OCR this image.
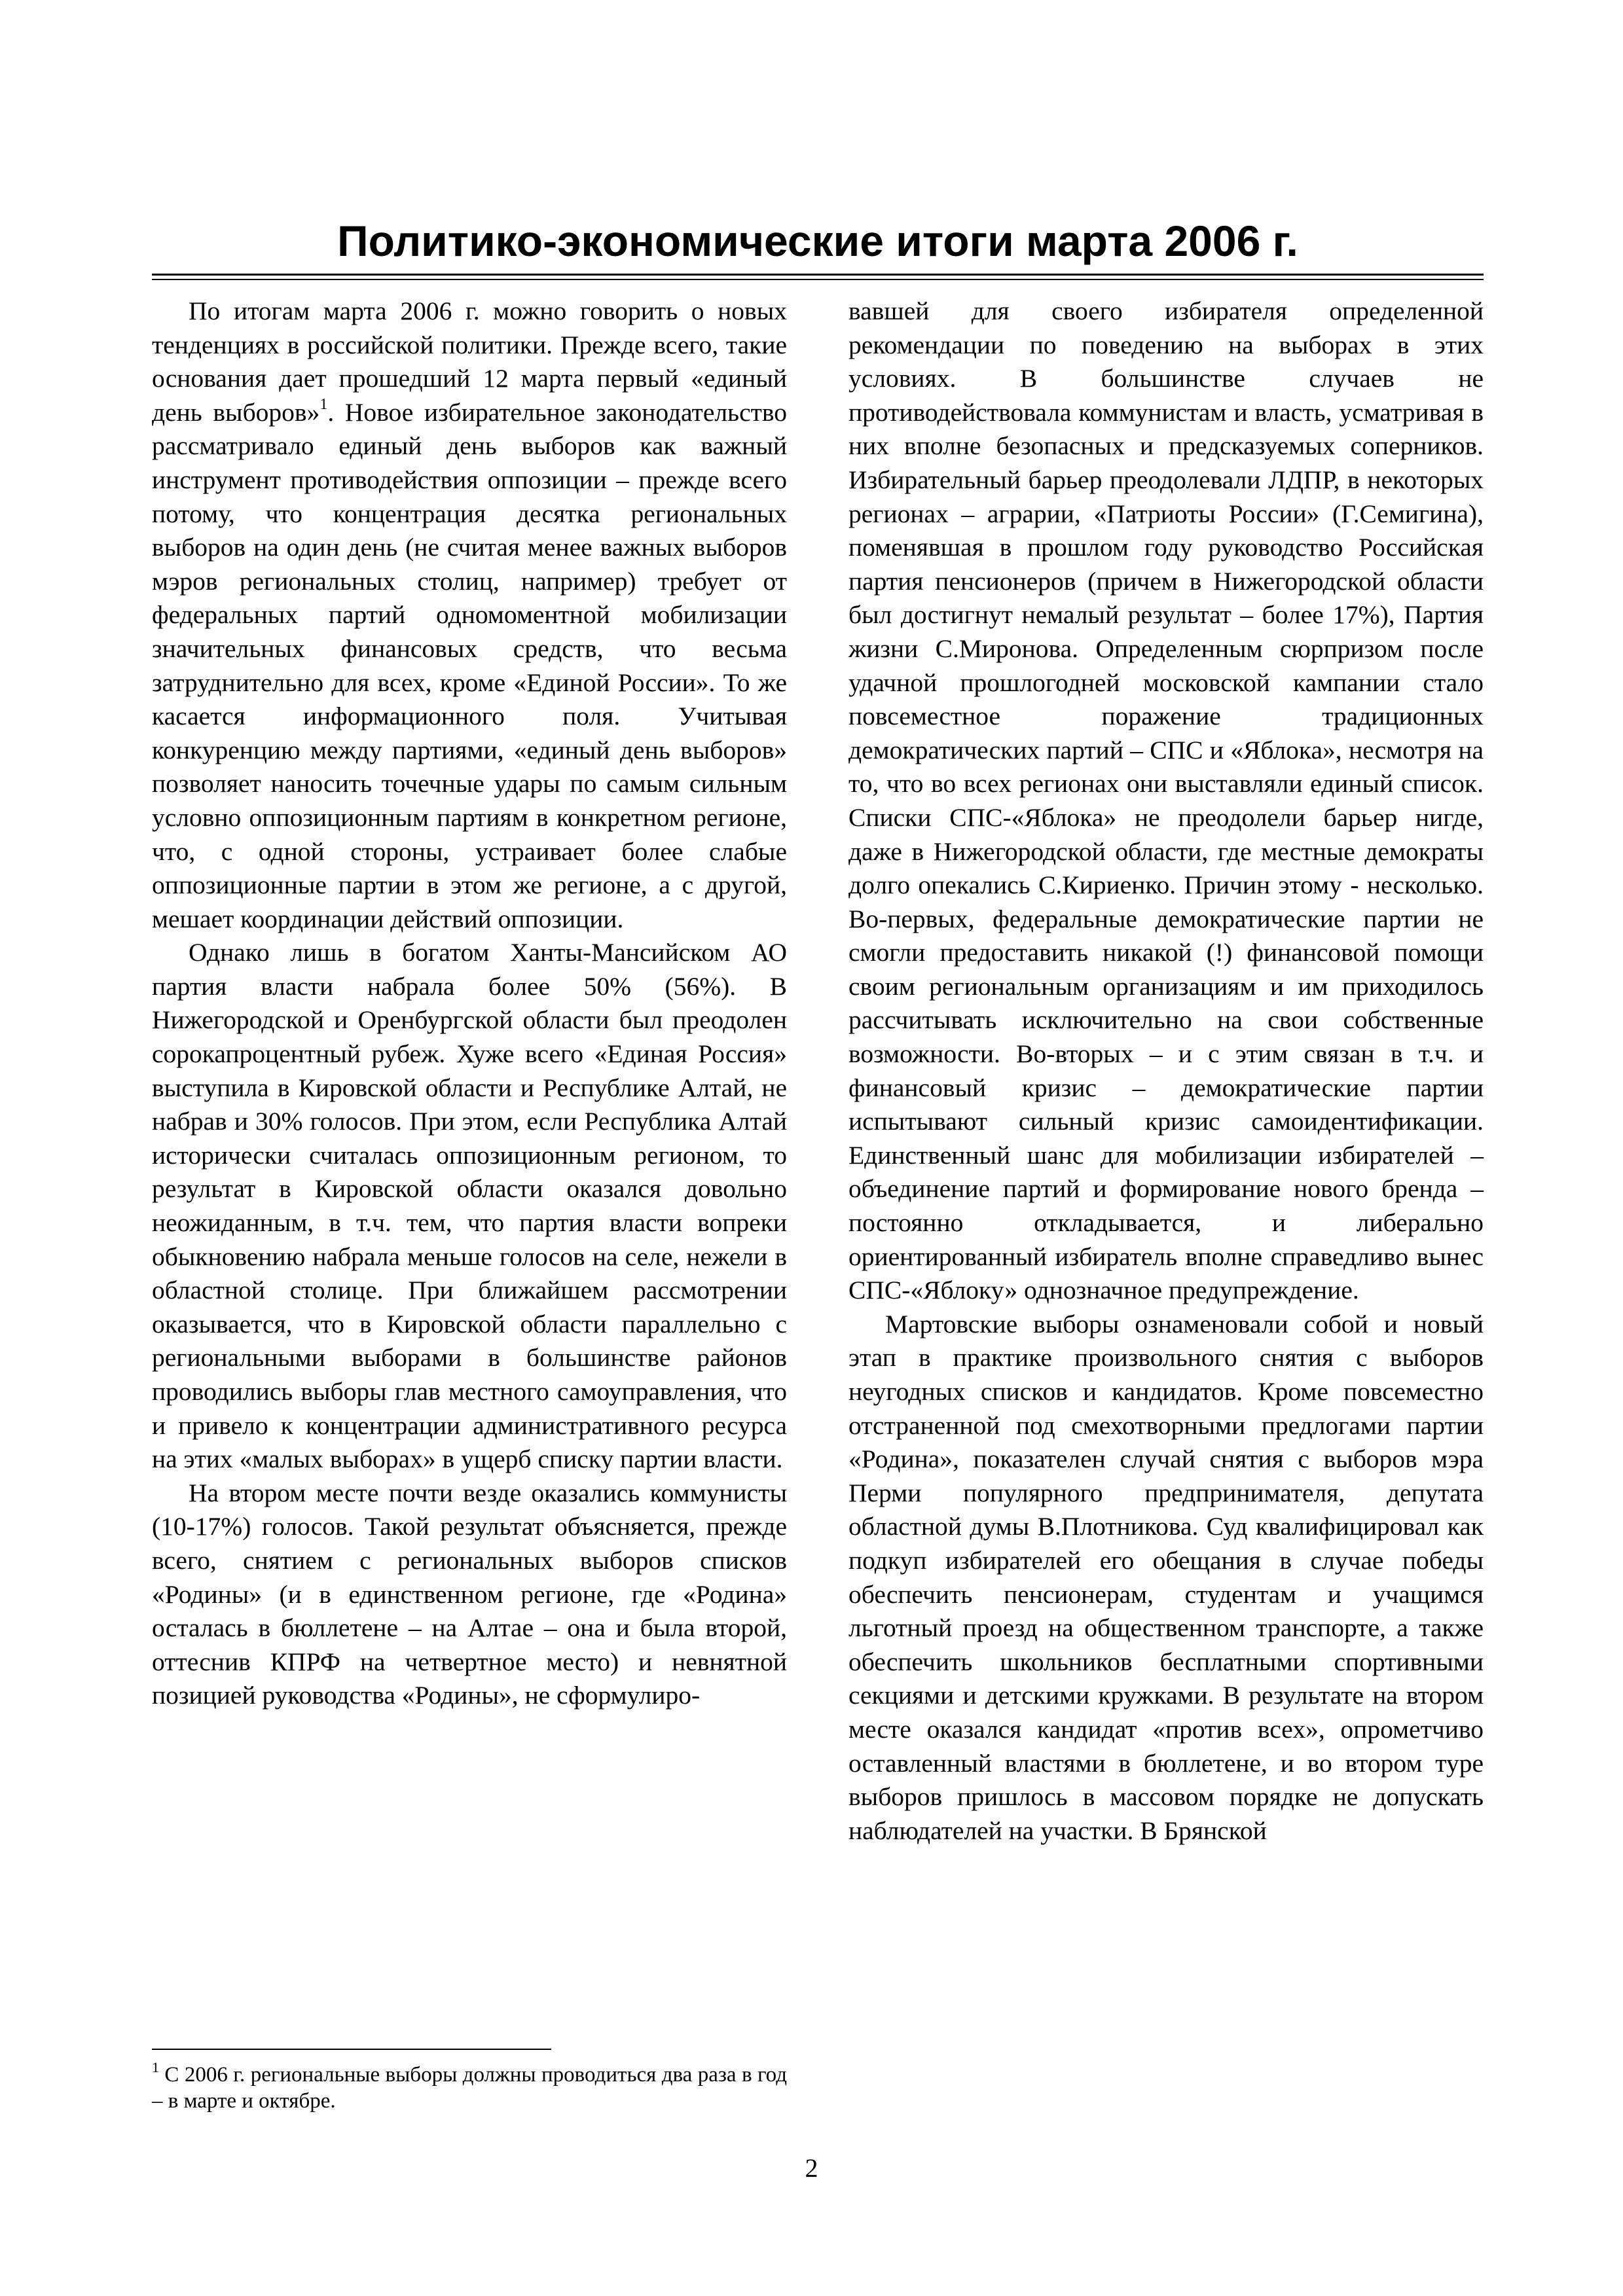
Политико-экономические итоги марта 2006 г.

По итогам марта 2006 г. можно говорить о новых тенденциях в российской политики. Прежде всего, такие основания дает прошедший 12 марта первый «единый день выборов»$^1$. Новое избирательное законодательство рассматривало единый день выборов как важный инструмент противодействия оппозиции – прежде всего потому, что концентрация десятка региональных выборов на один день (не считая менее важных выборов мэров региональных столиц, например) требует от федеральных партий одномоментной мобилизации значительных финансовых средств, что весьма затруднительно для всех, кроме «Единой России». То же касается информационного поля. Учитывая конкуренцию между партиями, «единый день выборов» позволяет наносить точечные удары по самым сильным условно оппозиционным партиям в конкретном регионе, что, с одной стороны, устраивает более слабые оппозиционные партии в этом же регионе, а с другой, мешает координации действий оппозиции.

Однако лишь в богатом Ханты-Мансийском АО партия власти набрала более 50% (56%). В Нижегородской и Оренбургской области был преодолен сорокапроцентный рубеж. Хуже всего «Единая Россия» выступила в Кировской области и Республике Алтай, не набрав и 30% голосов. При этом, если Республика Алтай исторически считалась оппозиционным регионом, то результат в Кировской области оказался довольно неожиданным, в т.ч. тем, что партия власти вопреки обыкновению набрала меньше голосов на селе, нежели в областной столице. При ближайшем рассмотрении оказывается, что в Кировской области параллельно с региональными выборами в большинстве районов проводились выборы глав местного самоуправления, что и привело к концентрации административного ресурса на этих «малых выборах» в ущерб списку партии власти.

На втором месте почти везде оказались коммунисты (10-17%) голосов. Такой результат объясняется, прежде всего, снятием с региональных выборов списков «Родины» (и в единственном регионе, где «Родина» осталась в бюллетене – на Алтае – она и была второй, оттеснив КПРФ на четвертное место) и невнятной позицией руководства «Родины», не сформулиро-

вавшей для своего избирателя определенной рекомендации по поведению на выборах в этих условиях. В большинстве случаев не противодействовала коммунистам и власть, усматривая в них вполне безопасных и предсказуемых соперников. Избирательный барьер преодолевали ЛДПР, в некоторых регионах – аграрии, «Патриоты России» (Г.Семигина), поменявшая в прошлом году руководство Российская партия пенсионеров (причем в Нижегородской области был достигнут немалый результат – более 17%), Партия жизни С.Миронова. Определенным сюрпризом после удачной прошлогодней московской кампании стало повсеместное поражение традиционных демократических партий – СПС и «Яблока», несмотря на то, что во всех регионах они выставляли единый список. Списки СПС-«Яблока» не преодолели барьер нигде, даже в Нижегородской области, где местные демократы долго опекались С.Кириенко. Причин этому - несколько. Во-первых, федеральные демократические партии не смогли предоставить никакой (!) финансовой помощи своим региональным организациям и им приходилось рассчитывать исключительно на свои собственные возможности. Во-вторых – и с этим связан в т.ч. и финансовый кризис – демократические партии испытывают сильный кризис самоидентификации. Единственный шанс для мобилизации избирателей – объединение партий и формирование нового бренда – постоянно откладывается, и либерально ориентированный избиратель вполне справедливо вынес СПС-«Яблоку» однозначное предупреждение.

Мартовские выборы ознаменовали собой и новый этап в практике произвольного снятия с выборов неугодных списков и кандидатов. Кроме повсеместно отстраненной под смехотворными предлогами партии «Родина», показателен случай снятия с выборов мэра Перми популярного предпринимателя, депутата областной думы В.Плотникова. Суд квалифицировал как подкуп избирателей его обещания в случае победы обеспечить пенсионерам, студентам и учащимся льготный проезд на общественном транспорте, а также обеспечить школьников бесплатными спортивными секциями и детскими кружками. В результате на втором месте оказался кандидат «против всех», опрометчиво оставленный властями в бюллетене, и во втором туре выборов пришлось в массовом порядке не допускать наблюдателей на участки. В Брянской

$^1$ С 2006 г. региональные выборы должны проводиться два раза в год – в марте и октябре.

2
